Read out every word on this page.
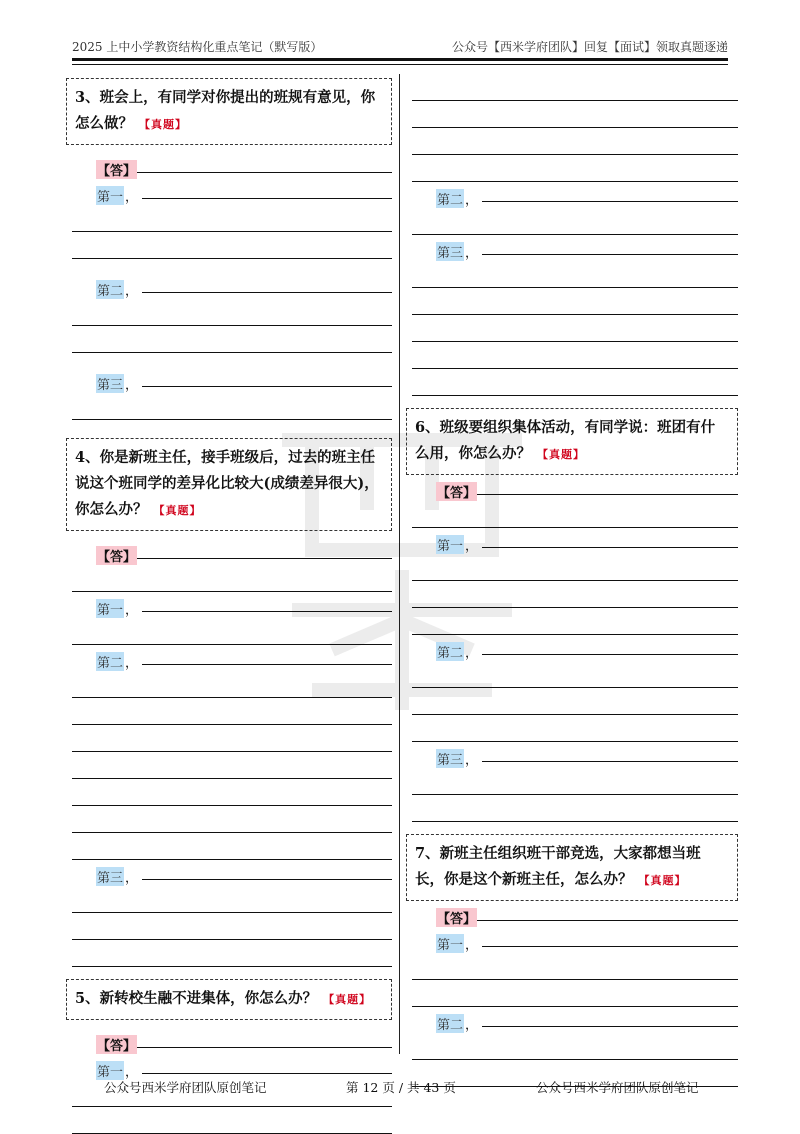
2025 上中小学教资结构化重点笔记（默写版）	公众号【西米学府团队】回复【面试】领取真题逐递
西米学府
3、班会上，有同学对你提出的班规有意见，你怎么做？ 【真题】
【答】
第一 ，
第二 ，
第三 ，
4、你是新班主任，接手班级后，过去的班主任说这个班同学的差异化比较大(成绩差异很大)，你怎么办？ 【真题】
【答】
第一 ，
第二 ，
第三 ，
5、新转校生融不进集体，你怎么办？ 【真题】
【答】
第一 ，
第二 ，
第三 ，
6、班级要组织集体活动，有同学说：班团有什么用，你怎么办？ 【真题】
【答】
第一 ，
第二 ，
第三 ，
7、新班主任组织班干部竞选，大家都想当班长，你是这个新班主任，怎么办？ 【真题】
【答】
第一 ，
第二 ，
公众号西米学府团队原创笔记	第 12 页 / 共 43 页	公众号西米学府团队原创笔记
